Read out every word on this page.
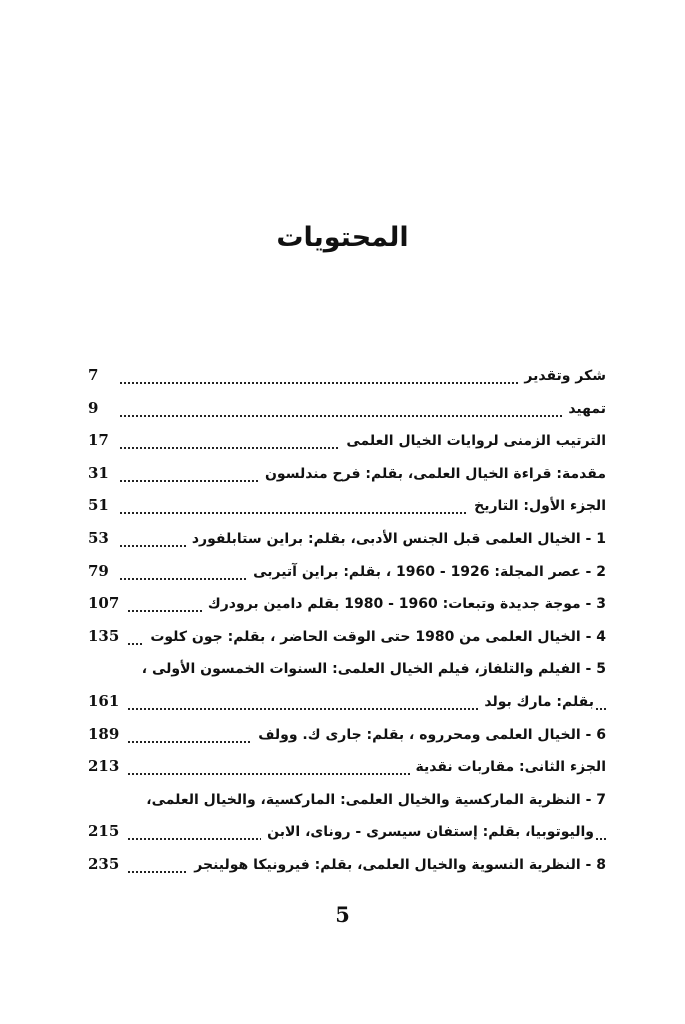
المحتويات
شكر وتقدير
7
تمهيد
9
الترتيب الزمنى لروايات الخيال العلمى
17
مقدمة: قراءة الخيال العلمى، بقلم: فرح مندلسون
31
الجزء الأول: التاريخ
51
1 - الخيال العلمى قبل الجنس الأدبى، بقلم: براين ستابلفورد
53
2 - عصر المجلة: 1926 - 1960 ، بقلم: براين آتيربى
79
3 - موجة جديدة وتبعات: 1960 - 1980 بقلم دامين برودرك
107
4 - الخيال العلمى من 1980 حتى الوقت الحاضر ، بقلم: جون كلوت
135
5 - الفيلم والتلفاز، فيلم الخيال العلمى: السنوات الخمسون الأولى ،
بقلم: مارك بولد
161
6 - الخيال العلمى ومحرروه ، بقلم: جارى ك. وولف
189
الجزء الثانى: مقاربات نقدية
213
7 - النظرية الماركسية والخيال العلمى: الماركسية، والخيال العلمى،
واليوتوبيا، بقلم: إستفان سيسرى - روناى، الابن
215
8 - النظرية النسوية والخيال العلمى، بقلم: فيرونيكا هولينجر
235
5
